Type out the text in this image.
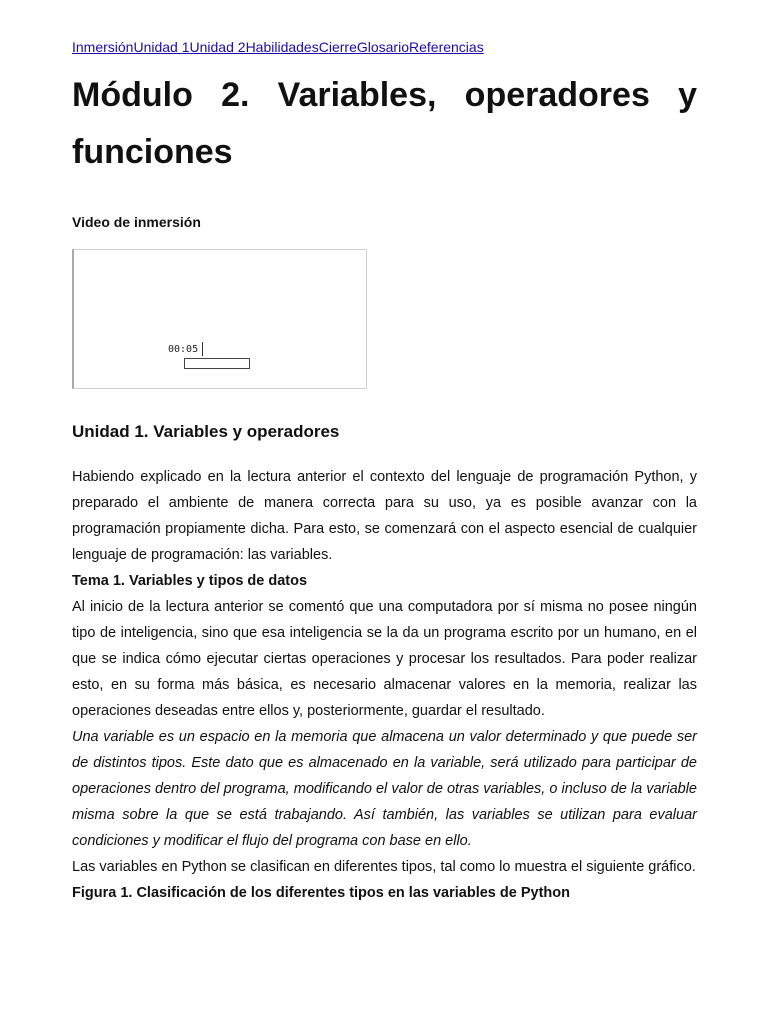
InmersiónUnidad 1Unidad 2HabilidadesCierreGlosarioReferencias
Módulo 2. Variables, operadores y funciones
Video de inmersión
00:05
Unidad 1. Variables y operadores

Habiendo explicado en la lectura anterior el contexto del lenguaje de programación Python, y preparado el ambiente de manera correcta para su uso, ya es posible avanzar con la programación propiamente dicha. Para esto, se comenzará con el aspecto esencial de cualquier lenguaje de programación: las variables.

Tema 1. Variables y tipos de datos

Al inicio de la lectura anterior se comentó que una computadora por sí misma no posee ningún tipo de inteligencia, sino que esa inteligencia se la da un programa escrito por un humano, en el que se indica cómo ejecutar ciertas operaciones y procesar los resultados. Para poder realizar esto, en su forma más básica, es necesario almacenar valores en la memoria, realizar las operaciones deseadas entre ellos y, posteriormente, guardar el resultado.

Una variable es un espacio en la memoria que almacena un valor determinado y que puede ser de distintos tipos. Este dato que es almacenado en la variable, será utilizado para participar de operaciones dentro del programa, modificando el valor de otras variables, o incluso de la variable misma sobre la que se está trabajando. Así también, las variables se utilizan para evaluar condiciones y modificar el flujo del programa con base en ello.

Las variables en Python se clasifican en diferentes tipos, tal como lo muestra el siguiente gráfico.

Figura 1. Clasificación de los diferentes tipos en las variables de Python
